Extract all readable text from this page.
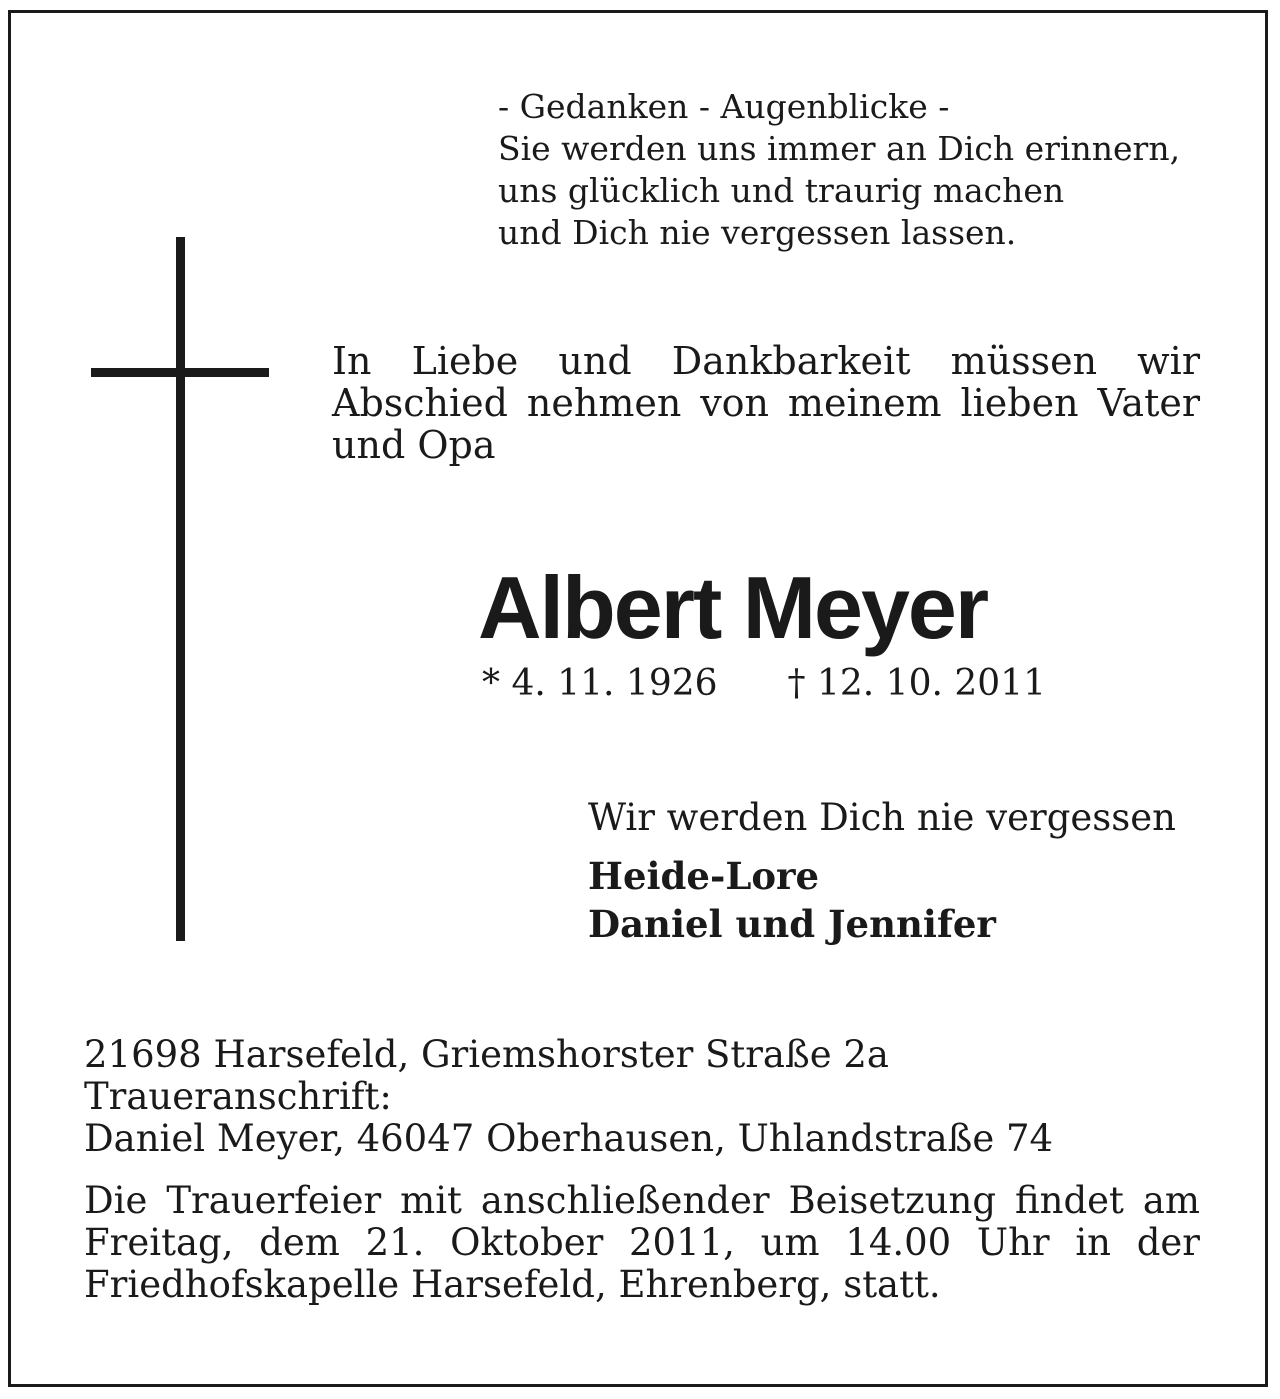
- Gedanken - Augenblicke -
Sie werden uns immer an Dich erinnern,
uns glücklich und traurig machen
und Dich nie vergessen lassen.
In Liebe und Dankbarkeit müssen wir Abschied nehmen von meinem lieben Vater und Opa
Albert Meyer
* 4. 11. 1926 † 12. 10. 2011
Wir werden Dich nie vergessen
Heide-Lore
Daniel und Jennifer
21698 Harsefeld, Griemshorster Straße 2a
Traueranschrift:
Daniel Meyer, 46047 Oberhausen, Uhlandstraße 74
Die Trauerfeier mit anschließender Beisetzung findet am Freitag, dem 21. Oktober 2011, um 14.00 Uhr in der Friedhofskapelle Harsefeld, Ehrenberg, statt.
